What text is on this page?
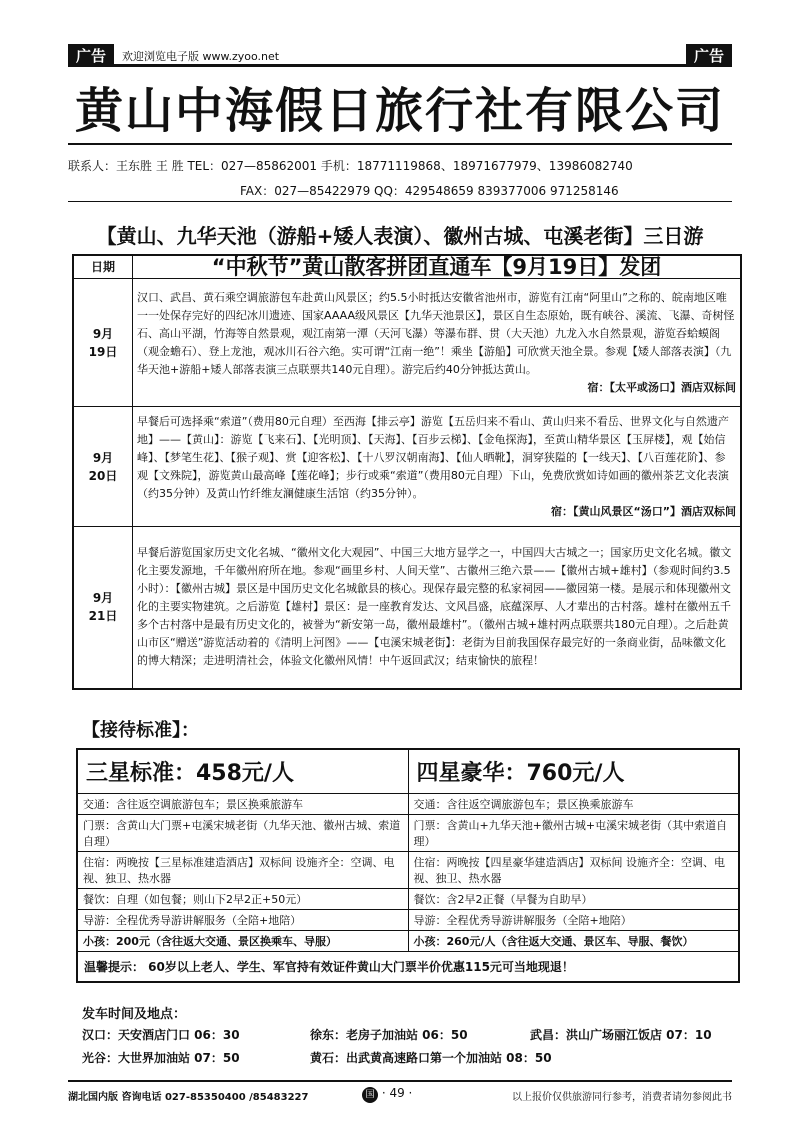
广告	欢迎浏览电子版 www.zyoo.net	广告
黄山中海假日旅行社有限公司
联系人：王东胜 王 胜 TEL：027—85862001 手机：18771119868、18971677979、13986082740
FAX：027—85422979 QQ：429548659 839377006 971258146
【黄山、九华天池（游船+矮人表演）、徽州古城、屯溪老街】三日游
日期	“中秋节”黄山散客拼团直通车【9月19日】发团
9月
19日	汉口、武昌、黄石乘空调旅游包车赴黄山风景区；约5.5小时抵达安徽省池州市，游览有江南“阿里山”之称的、皖南地区唯一一处保存完好的四纪冰川遗迹、国家AAAA级风景区【九华天池景区】，景区自生态原始，既有峡谷、溪流、飞瀑、奇树怪石、高山平湖，竹海等自然景观，观江南第一潭（天河飞瀑）等瀑布群、贯（大天池）九龙入水自然景观，游览吞蛤蟆阁（观金蟾石）、登上龙池，观冰川石谷六绝。实可谓“江南一绝”！乘坐【游船】可欣赏天池全景。参观【矮人部落表演】（九华天池+游船+矮人部落表演三点联票共140元自理）。游完后约40分钟抵达黄山。
宿：【太平或汤口】酒店双标间

9月
20日	早餐后可选择乘“索道”（费用80元自理）至西海【排云亭】游览【五岳归来不看山、黄山归来不看岳、世界文化与自然遗产地】——【黄山】：游览【飞来石】、【光明顶】、【天海】、【百步云梯】、【金龟探海】，至黄山精华景区【玉屏楼】，观【始信峰】、【梦笔生花】、【猴子观】、赏【迎客松】、【十八罗汉朝南海】、【仙人晒靴】，洞穿狭隘的【一线天】、【八百莲花阶】、参观【文殊院】，游览黄山最高峰【莲花峰】；步行或乘“索道”（费用80元自理）下山，免费欣赏如诗如画的徽州茶艺文化表演（约35分钟）及黄山竹纤维友澜健康生活馆（约35分钟）。
宿：【黄山风景区“汤口”】酒店双标间

9月
21日	早餐后游览国家历史文化名城、“徽州文化大观园”、中国三大地方显学之一，中国四大古城之一；国家历史文化名城。徽文化主要发源地，千年徽州府所在地。参观“画里乡村、人间天堂”、古徽州三绝六景——【徽州古城+雄村】（参观时间约3.5小时）：【徽州古城】景区是中国历史文化名城歙县的核心。现保存最完整的私家祠园——徽园第一楼。是展示和体现徽州文化的主要实物建筑。之后游览【雄村】景区：是一座教育发达、文风昌盛，底蕴深厚、人才辈出的古村落。雄村在徽州五千多个古村落中是最有历史文化的，被誉为“新安第一岛，徽州最雄村”。（徽州古城+雄村两点联票共180元自理）。之后赴黄山市区“赠送”游览活动着的《清明上河图》——【屯溪宋城老街】：老街为目前我国保存最完好的一条商业街，品味徽文化的博大精深；走进明清社会，体验文化徽州风情！中午返回武汉；结束愉快的旅程！
【接待标准】：
三星标准：458元/人	四星豪华：760元/人
交通：含往返空调旅游包车；景区换乘旅游车	交通：含往返空调旅游包车；景区换乘旅游车
门票：含黄山大门票+屯溪宋城老街（九华天池、徽州古城、索道自理）	门票：含黄山+九华天池+徽州古城+屯溪宋城老街（其中索道自理）
住宿：两晚按【三星标准建造酒店】双标间 设施齐全：空调、电视、独卫、热水器	住宿：两晚按【四星豪华建造酒店】双标间 设施齐全：空调、电视、独卫、热水器
餐饮：自理（如包餐；则山下2早2正+50元）	餐饮：含2早2正餐（早餐为自助早）
导游：全程优秀导游讲解服务（全陪+地陪）	导游：全程优秀导游讲解服务（全陪+地陪）
小孩：200元（含往返大交通、景区换乘车、导服）	小孩：260元/人（含往返大交通、景区车、导服、餐饮）
温馨提示： 60岁以上老人、学生、军官持有效证件黄山大门票半价优惠115元可当地现退！	
发车时间及地点：
汉口：天安酒店门口 06：30	徐东：老房子加油站 06：50	武昌：洪山广场丽江饭店 07：10
光谷：大世界加油站 07：50	黄石：出武黄高速路口第一个加油站 08：50
湖北国内版 咨询电话 027-85350400 /85483227	国 · 49 ·	以上报价仅供旅游同行参考，消费者请勿参阅此书
